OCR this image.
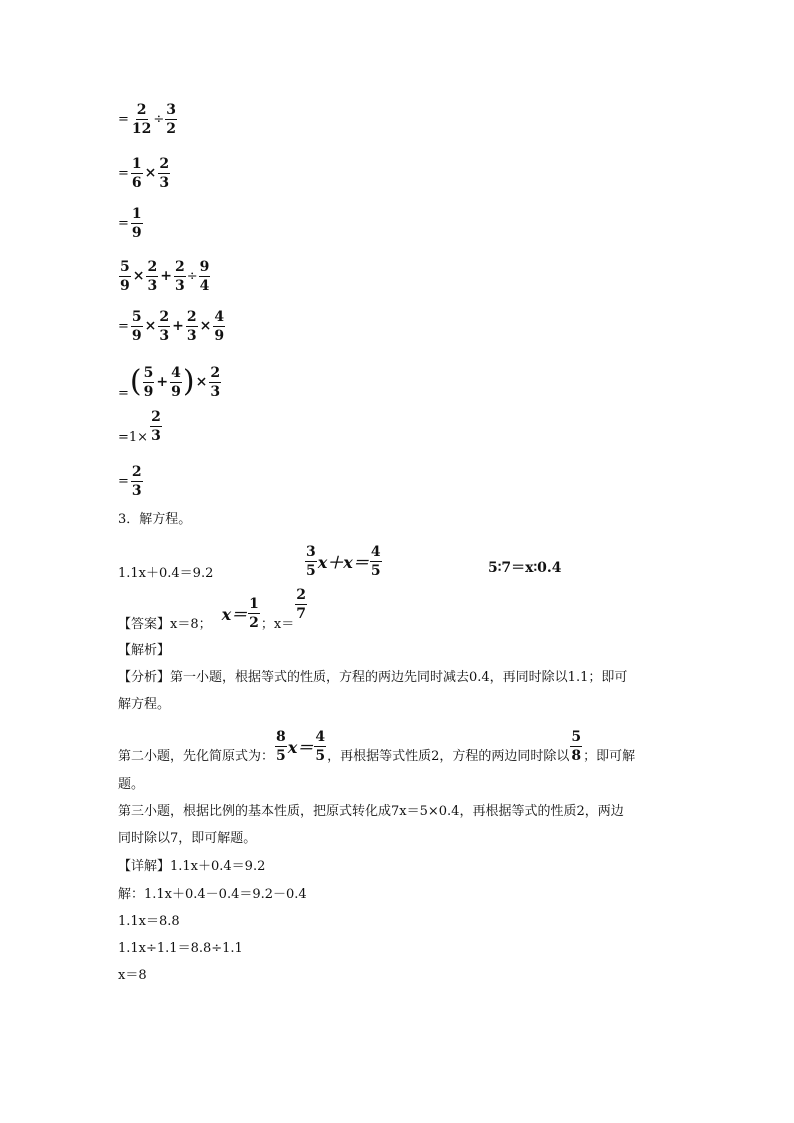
= $\frac{2}{12} \div \frac{3}{2}$
= $\frac{1}{6} \times \frac{2}{3}$
= $\frac{1}{9}$
$\frac{5}{9} \times \frac{2}{3} + \frac{2}{3} \div \frac{9}{4}$
= $\frac{5}{9} \times \frac{2}{3} + \frac{2}{3} \times \frac{4}{9}$
= ( $\frac{5}{9} + \frac{4}{9}$ ) × $\frac{2}{3}$
$=1\times \frac{2}{3}$
= $\frac{2}{3}$
3．解方程。
1.1x＋0.4＝9.2	$\frac{3}{5} x+x= \frac{4}{5}$	5∶7＝x∶0.4
【答案】x＝8；
$x= \frac{1}{2}$ ；x＝
$\frac{2}{7}$
【解析】
【分析】第一小题，根据等式的性质，方程的两边先同时减去0.4，再同时除以1.1；即可
解方程。
第二小题，先化简原式为： $\frac{8}{5} x= \frac{4}{5}$ ，再根据等式性质2，方程的两边同时除以 $\frac{5}{8}$ ；即可解
题。
第三小题，根据比例的基本性质，把原式转化成7x＝5×0.4，再根据等式的性质2，两边
同时除以7，即可解题。
【详解】1.1x＋0.4＝9.2
解：1.1x＋0.4－0.4＝9.2－0.4
1.1x＝8.8
1.1x÷1.1＝8.8÷1.1
x＝8
